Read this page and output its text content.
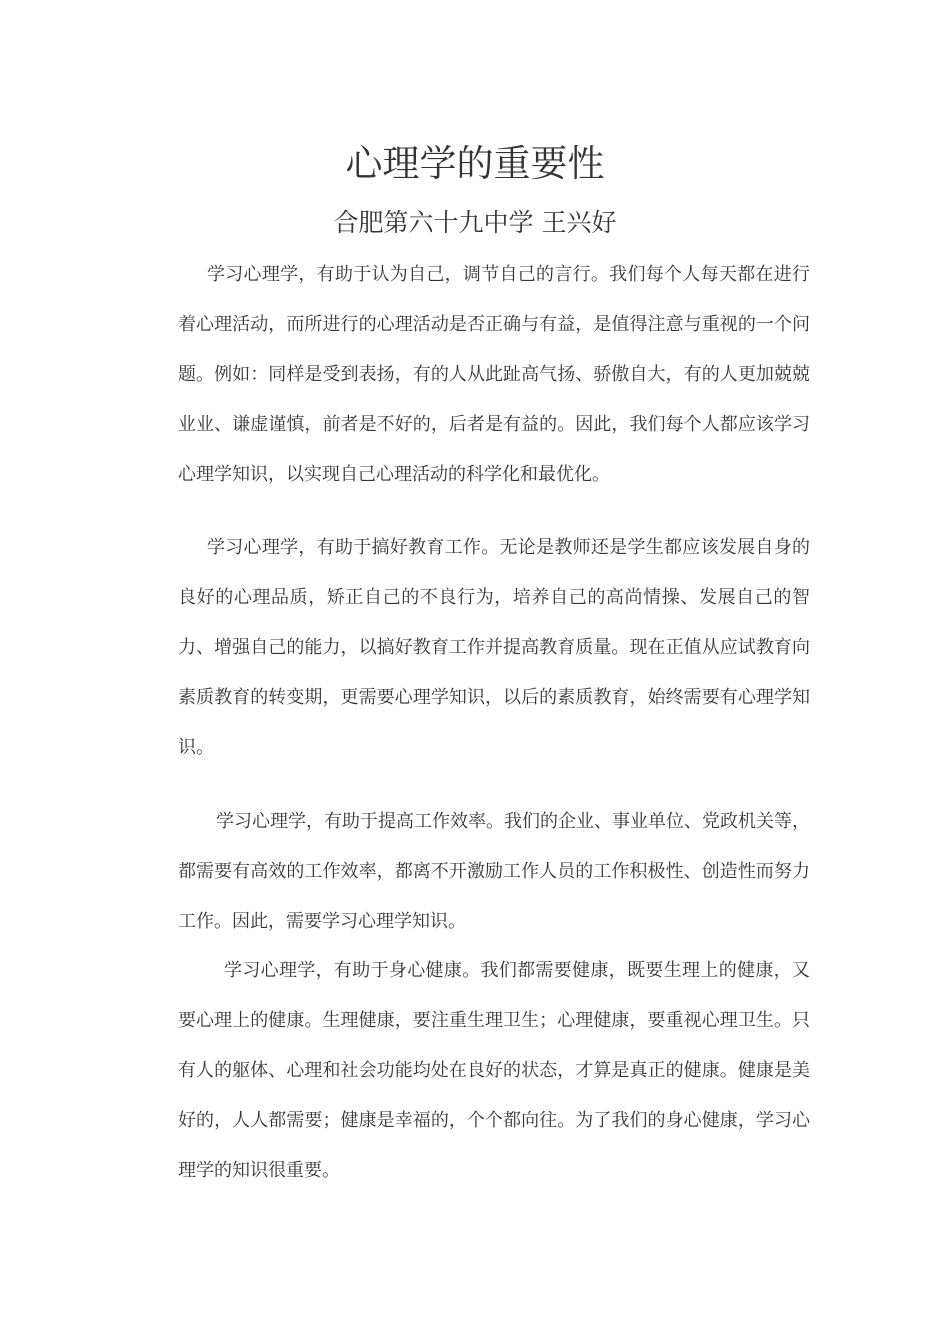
心理学的重要性
合肥第六十九中学 王兴好

学习心理学，有助于认为自己，调节自己的言行。我们每个人每天都在进行着心理活动，而所进行的心理活动是否正确与有益，是值得注意与重视的一个问题。例如：同样是受到表扬，有的人从此趾高气扬、骄傲自大，有的人更加兢兢业业、谦虚谨慎，前者是不好的，后者是有益的。因此，我们每个人都应该学习心理学知识，以实现自己心理活动的科学化和最优化。

学习心理学，有助于搞好教育工作。无论是教师还是学生都应该发展自身的良好的心理品质，矫正自己的不良行为，培养自己的高尚情操、发展自己的智力、增强自己的能力，以搞好教育工作并提高教育质量。现在正值从应试教育向素质教育的转变期，更需要心理学知识，以后的素质教育，始终需要有心理学知识。

学习心理学，有助于提高工作效率。我们的企业、事业单位、党政机关等，都需要有高效的工作效率，都离不开激励工作人员的工作积极性、创造性而努力工作。因此，需要学习心理学知识。

学习心理学，有助于身心健康。我们都需要健康，既要生理上的健康，又要心理上的健康。生理健康，要注重生理卫生；心理健康，要重视心理卫生。只有人的躯体、心理和社会功能均处在良好的状态，才算是真正的健康。健康是美好的，人人都需要；健康是幸福的，个个都向往。为了我们的身心健康，学习心理学的知识很重要。
